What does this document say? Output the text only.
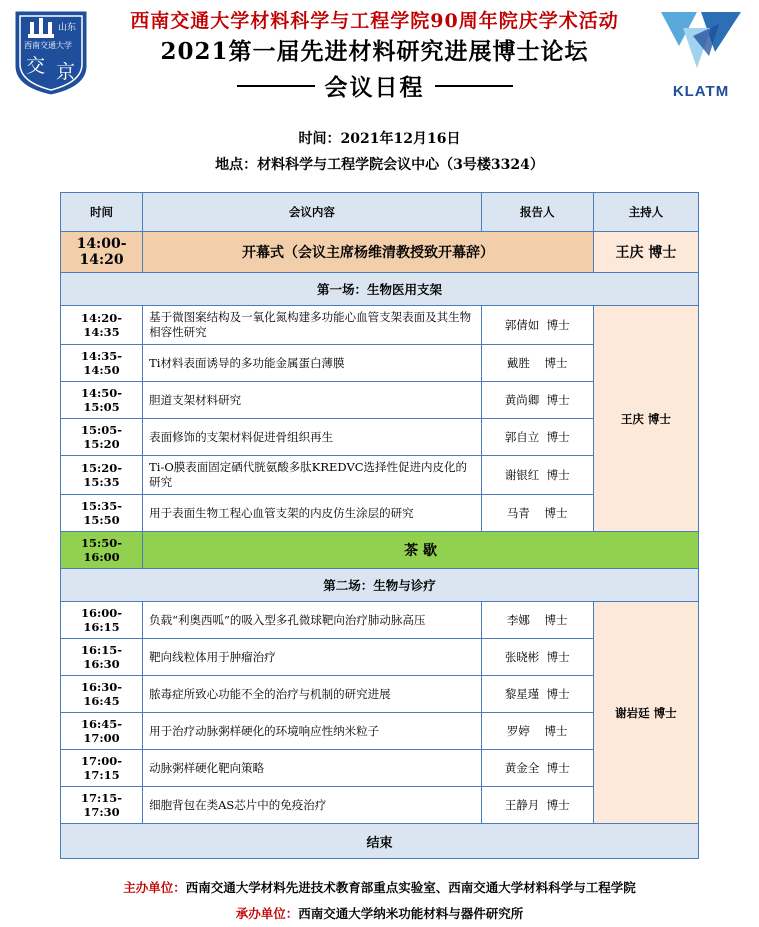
山东
西南交通大学
交 京
西南交通大学材料科学与工程学院90周年院庆学术活动
2021第一届先进材料研究进展博士论坛
会议日程	KLATM
时间：2021年12月16日
地点：材料科学与工程学院会议中心（3号楼3324）
时间	会议内容	报告人	主持人
14:00-14:20	开幕式（会议主席杨维清教授致开幕辞）		王庆 博士
第一场：生物医用支架			
14:20-14:35	基于微图案结构及一氧化氮构建多功能心血管支架表面及其生物相容性研究	郭倩如  博士	王庆 博士
14:35-14:50	Ti材料表面诱导的多功能金属蛋白薄膜	戴胜    博士	
14:50-15:05	胆道支架材料研究	黄尚卿  博士	
15:05-15:20	表面修饰的支架材料促进骨组织再生	郭自立  博士	
15:20-15:35	Ti-O膜表面固定硒代胱氨酸多肽KREDVC选择性促进内皮化的研究	谢银红  博士	
15:35-15:50	用于表面生物工程心血管支架的内皮仿生涂层的研究	马青    博士	
15:50-16:00	茶 歇		
第二场：生物与诊疗			
16:00-16:15	负载“利奥西呱”的吸入型多孔微球靶向治疗肺动脉高压	李娜    博士	谢岩廷 博士
16:15-16:30	靶向线粒体用于肿瘤治疗	张晓彬  博士	
16:30-16:45	脓毒症所致心功能不全的治疗与机制的研究进展	黎星瑾  博士	
16:45-17:00	用于治疗动脉粥样硬化的环境响应性纳米粒子	罗婷    博士	
17:00-17:15	动脉粥样硬化靶向策略	黄金全  博士	
17:15-17:30	细胞背包在类AS芯片中的免疫治疗	王静月  博士	
结束			
主办单位：西南交通大学材料先进技术教育部重点实验室、西南交通大学材料科学与工程学院
承办单位：西南交通大学纳米功能材料与器件研究所
